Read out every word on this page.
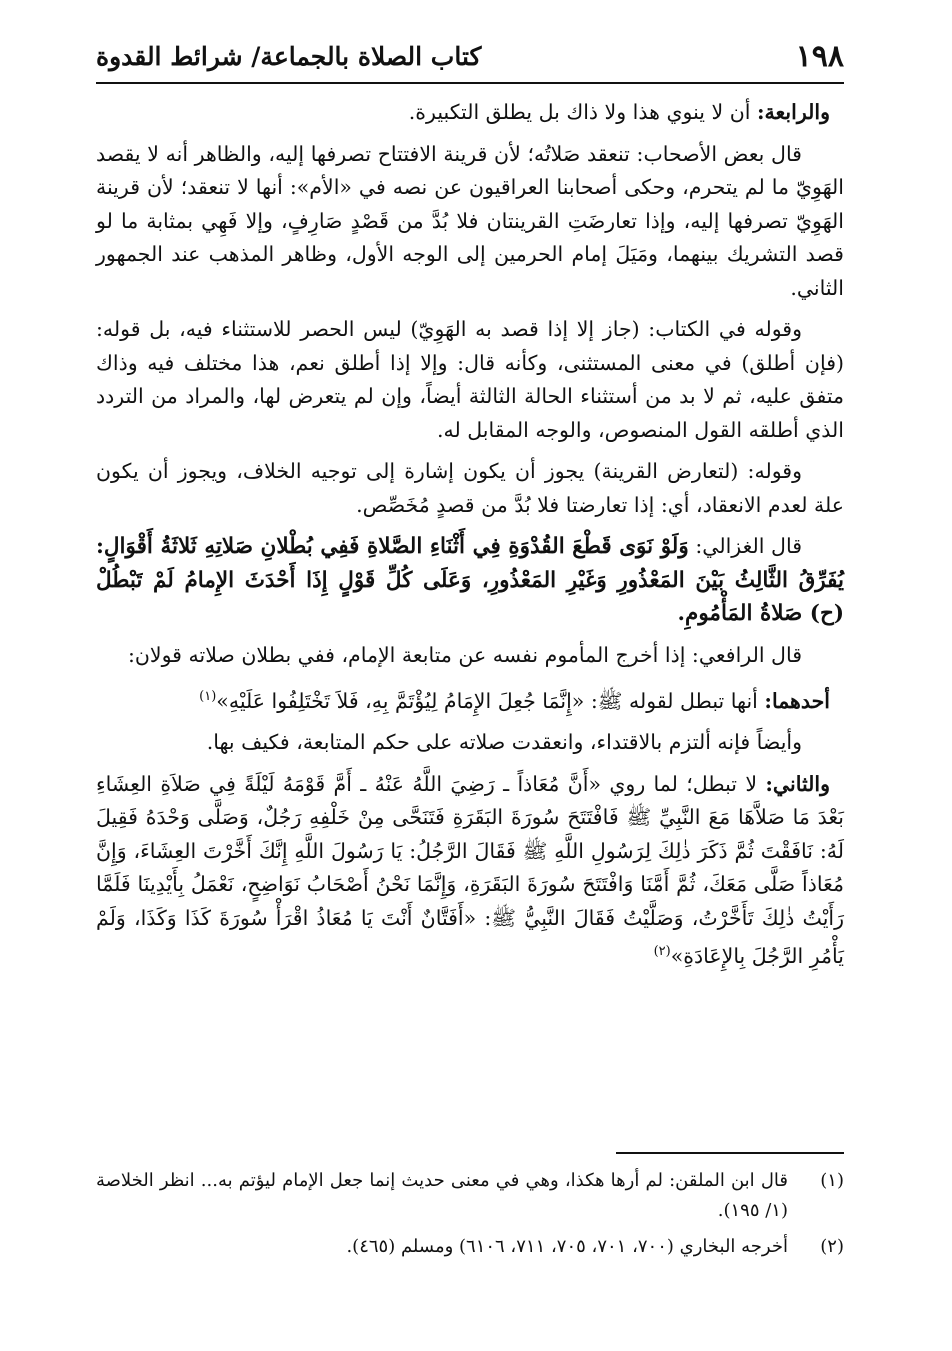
١٩٨
كتاب الصلاة بالجماعة/ شرائط القدوة

والرابعة: أن لا ينوي هذا ولا ذاك بل يطلق التكبيرة.

قال بعض الأصحاب: تنعقد صَلاتُه؛ لأن قرينة الافتتاح تصرفها إليه، والظاهر أنه لا يقصد الهَوِيّ ما لم يتحرم، وحكى أصحابنا العراقيون عن نصه في «الأم»: أنها لا تنعقد؛ لأن قرينة الهَوِيّ تصرفها إليه، وإذا تعارضَتِ القرينتان فلا بُدَّ من قَصْدٍ صَارِفٍ، وإلا فَهِي بمثابة ما لو قصد التشريك بينهما، ومَيَلَ إمام الحرمين إلى الوجه الأول، وظاهر المذهب عند الجمهور الثاني.

وقوله في الكتاب: (جاز إلا إذا قصد به الهَوِيّ) ليس الحصر للاستثناء فيه، بل قوله: (فإن أطلق) في معنى المستثنى، وكأنه قال: وإلا إذا أطلق نعم، هذا مختلف فيه وذاك متفق عليه، ثم لا بد من أستثناء الحالة الثالثة أيضاً، وإن لم يتعرض لها، والمراد من التردد الذي أطلقه القول المنصوص، والوجه المقابل له.

وقوله: (لتعارض القرينة) يجوز أن يكون إشارة إلى توجيه الخلاف، ويجوز أن يكون علة لعدم الانعقاد، أي: إذا تعارضتا فلا بُدَّ من قصدٍ مُخَصِّص.

قال الغزالي: وَلَوْ نَوَى قَطْعَ القُدْوَةِ فِي أَثْنَاءِ الصَّلاةِ فَفِي بُطْلانِ صَلاتِهِ ثَلاثَةُ أَقْوَالٍ: يُفَرِّقُ الثَّالِثُ بَيْنَ المَعْذُورِ وَغَيْرِ المَعْذُورِ، وَعَلَى كُلِّ قَوْلٍ إِذَا أَحْدَثَ الإِمامُ لَمْ تَبْطُلْ (ح) صَلاةُ المَأْمُومِ.

قال الرافعي: إذا أخرج المأموم نفسه عن متابعة الإمام، ففي بطلان صلاته قولان:

أحدهما: أنها تبطل لقوله ﷺ: «إِنَّمَا جُعِلَ الإِمَامُ لِيُؤْتَمَّ بِهِ، فَلاَ تَخْتَلِفُوا عَلَيْهِ»$^{(١)}$

وأيضاً فإنه ألتزم بالاقتداء، وانعقدت صلاته على حكم المتابعة، فكيف بها.

والثاني: لا تبطل؛ لما روي «أَنَّ مُعَاذاً ـ رَضِيَ اللَّهُ عَنْهُ ـ أَمَّ قَوْمَهُ لَيْلَةً فِي صَلاَةِ العِشَاءِ بَعْدَ مَا صَلاَّهَا مَعَ النَّبِيِّ ﷺ فَافْتَتَحَ سُورَةَ البَقَرَةِ فَتَنَحَّى مِنْ خَلْفِهِ رَجُلٌ، وَصَلَّى وَحْدَهُ فَقِيلَ لَهُ: نَافَقْتَ ثُمَّ ذَكَرَ ذٰلِكَ لِرَسُولِ اللَّهِ ﷺ فَقَالَ الرَّجُلُ: يَا رَسُولَ اللَّهِ إِنَّكَ أَخَّرْتَ العِشَاءَ، وَإِنَّ مُعَاذاً صَلَّى مَعَكَ، ثُمَّ أَمَّنَا وَافْتَتَحَ سُورَةَ البَقَرَةِ، وَإِنَّمَا نَحْنُ أَصْحَابُ نَوَاضِحٍ، نَعْمَلُ بِأَيْدِينَا فَلَمَّا رَأَيْتُ ذٰلِكَ تَأَخَّرْتُ، وَصَلَّيْتُ فَقَالَ النَّبِيُّ ﷺ: «أَفَتَّانٌ أَنْتَ يَا مُعَاذُ اقْرَأْ سُورَةَ كَذَا وَكَذَا، وَلَمْ يَأْمُرِ الرَّجُلَ بِالإِعَادَةِ»$^{(٢)}$

(١)
قال ابن الملقن: لم أرها هكذا، وهي في معنى حديث إنما جعل الإمام ليؤتم به... انظر الخلاصة (١/ ١٩٥).
(٢)
أخرجه البخاري (٧٠٠، ٧٠١، ٧٠٥، ٧١١، ٦١٠٦) ومسلم (٤٦٥).
